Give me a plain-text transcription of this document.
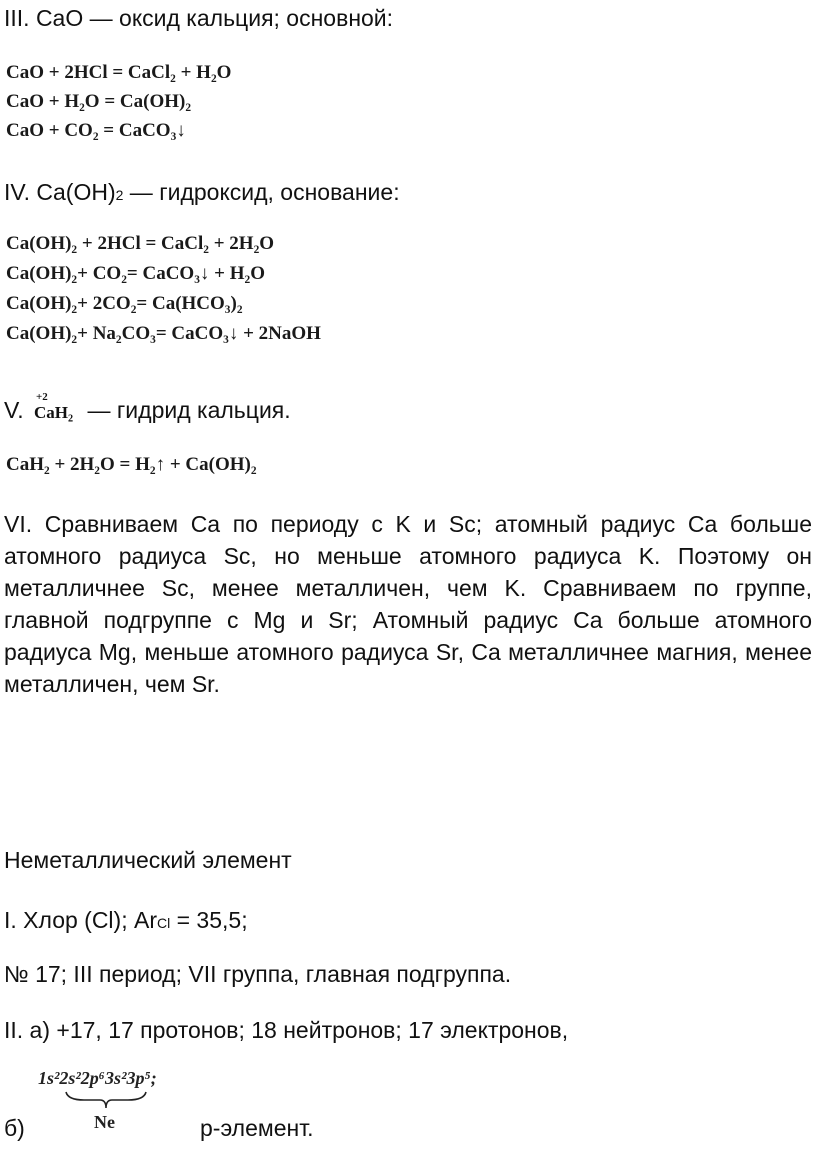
III. CaO — оксид кальция; основной:
CaO + 2HCl = CaCl₂ + H₂O
CaO + H₂O = Ca(OH)₂
CaO + CO₂ = CaCO₃↓
IV. Ca(OH)2 — гидроксид, основание:
Ca(OH)₂ + 2HCl = CaCl₂ + 2H₂O
Ca(OH)₂+ CO₂= CaCO₃↓ + H₂O
Ca(OH)₂+ 2CO₂= Ca(HCO₃)₂
Ca(OH)₂+ Na₂CO₃= CaCO₃↓ + 2NaOH
V. +2
CaH₂ — гидрид кальция.
CaH₂ + 2H₂O = H₂↑ + Ca(OH)₂
VI. Сравниваем Ca по периоду с K и Sc; атомный радиус Ca больше атомного радиуса Sc, но меньше атомного радиуса K. Поэтому он металличнее Sc, менее металличен, чем K. Сравниваем по группе, главной подгруппе с Mg и Sr; Атомный радиус Ca больше атомного радиуса Mg, меньше атомного радиуса Sr, Ca металличнее магния, менее металличен, чем Sr.
Неметаллический элемент
I. Хлор (Cl); ArCl = 35,5;
№ 17; III период; VII группа, главная подгруппа.
II. а) +17, 17 протонов; 18 нейтронов; 17 электронов,
1s²2s²2p⁶3s²3p⁵;
Ne
б)	р-элемент.
